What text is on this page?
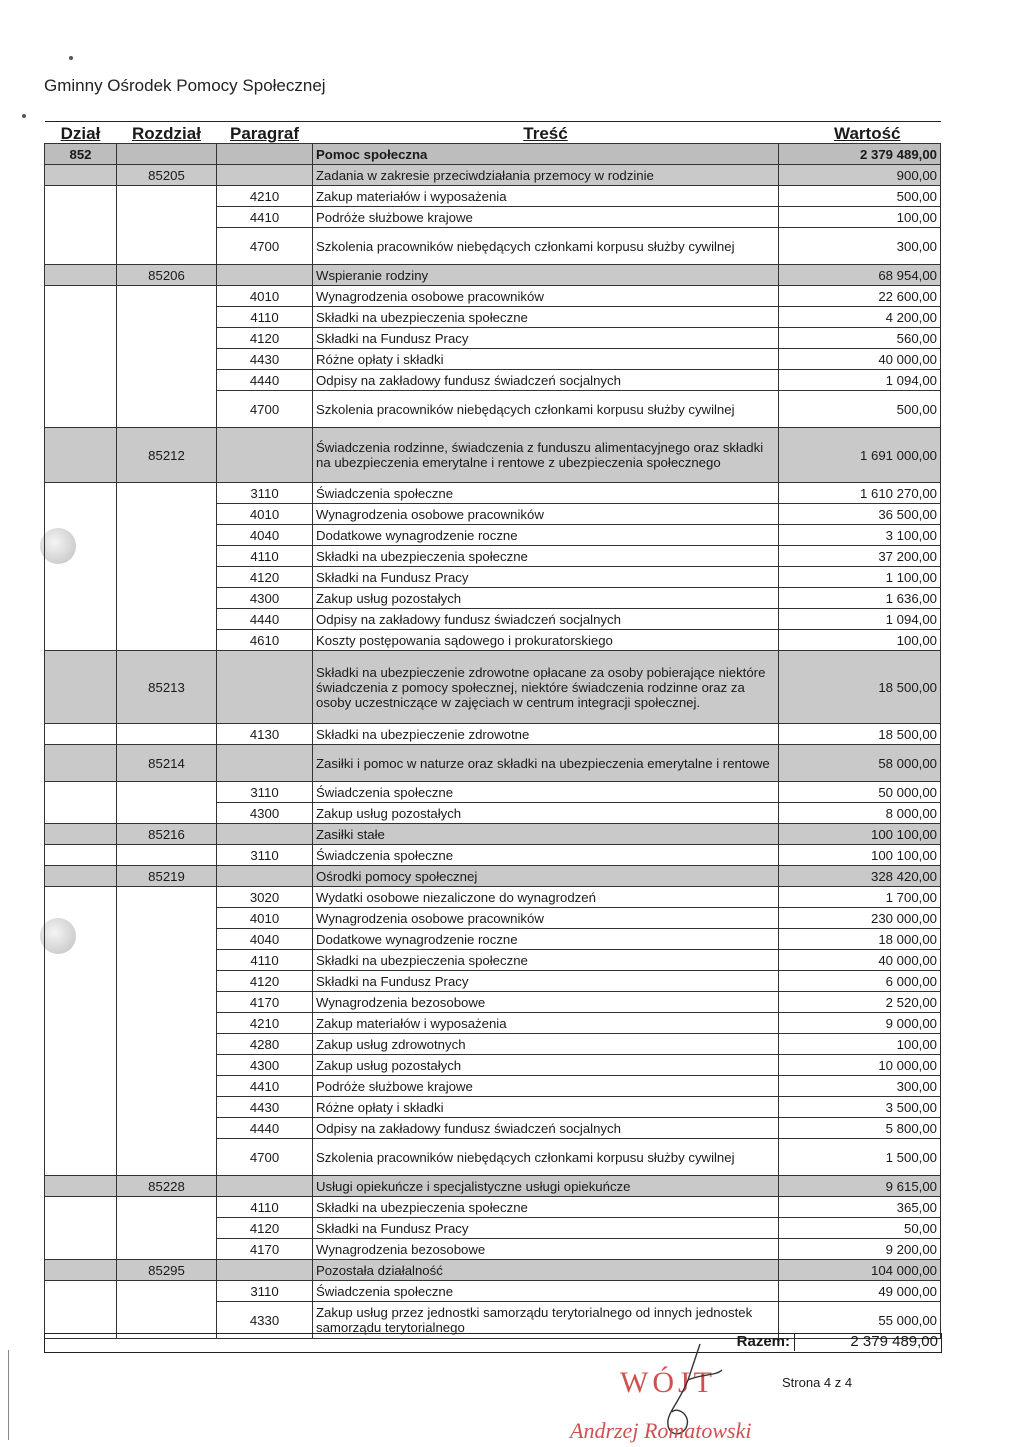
Gminny Ośrodek Pomocy Społecznej
Dział	Rozdział	Paragraf	Treść	Wartość
852			Pomoc społeczna	2 379 489,00
	85205		Zadania w zakresie przeciwdziałania przemocy w rodzinie	900,00
		4210	Zakup materiałów i wyposażenia	500,00
		4410	Podróże służbowe krajowe	100,00
		4700	Szkolenia pracowników niebędących członkami korpusu służby cywilnej	300,00
	85206		Wspieranie rodziny	68 954,00
		4010	Wynagrodzenia osobowe pracowników	22 600,00
		4110	Składki na ubezpieczenia społeczne	4 200,00
		4120	Składki na Fundusz Pracy	560,00
		4430	Różne opłaty i składki	40 000,00
		4440	Odpisy na zakładowy fundusz świadczeń socjalnych	1 094,00
		4700	Szkolenia pracowników niebędących członkami korpusu służby cywilnej	500,00
	85212		Świadczenia rodzinne, świadczenia z funduszu alimentacyjnego oraz składki na ubezpieczenia emerytalne i rentowe z ubezpieczenia społecznego	1 691 000,00
		3110	Świadczenia społeczne	1 610 270,00
		4010	Wynagrodzenia osobowe pracowników	36 500,00
		4040	Dodatkowe wynagrodzenie roczne	3 100,00
		4110	Składki na ubezpieczenia społeczne	37 200,00
		4120	Składki na Fundusz Pracy	1 100,00
		4300	Zakup usług pozostałych	1 636,00
		4440	Odpisy na zakładowy fundusz świadczeń socjalnych	1 094,00
		4610	Koszty postępowania sądowego i prokuratorskiego	100,00
	85213		Składki na ubezpieczenie zdrowotne opłacane za osoby pobierające niektóre świadczenia z pomocy społecznej, niektóre świadczenia rodzinne oraz za osoby uczestniczące w zajęciach w centrum integracji społecznej.	18 500,00
		4130	Składki na ubezpieczenie zdrowotne	18 500,00
	85214		Zasiłki i pomoc w naturze oraz składki na ubezpieczenia emerytalne i rentowe	58 000,00
		3110	Świadczenia społeczne	50 000,00
		4300	Zakup usług pozostałych	8 000,00
	85216		Zasiłki stałe	100 100,00
		3110	Świadczenia społeczne	100 100,00
	85219		Ośrodki pomocy społecznej	328 420,00
		3020	Wydatki osobowe niezaliczone do wynagrodzeń	1 700,00
		4010	Wynagrodzenia osobowe pracowników	230 000,00
		4040	Dodatkowe wynagrodzenie roczne	18 000,00
		4110	Składki na ubezpieczenia społeczne	40 000,00
		4120	Składki na Fundusz Pracy	6 000,00
		4170	Wynagrodzenia bezosobowe	2 520,00
		4210	Zakup materiałów i wyposażenia	9 000,00
		4280	Zakup usług zdrowotnych	100,00
		4300	Zakup usług pozostałych	10 000,00
		4410	Podróże służbowe krajowe	300,00
		4430	Różne opłaty i składki	3 500,00
		4440	Odpisy na zakładowy fundusz świadczeń socjalnych	5 800,00
		4700	Szkolenia pracowników niebędących członkami korpusu służby cywilnej	1 500,00
	85228		Usługi opiekuńcze i specjalistyczne usługi opiekuńcze	9 615,00
		4110	Składki na ubezpieczenia społeczne	365,00
		4120	Składki na Fundusz Pracy	50,00
		4170	Wynagrodzenia bezosobowe	9 200,00
	85295		Pozostała działalność	104 000,00
		3110	Świadczenia społeczne	49 000,00
		4330	Zakup usług przez jednostki samorządu terytorialnego od innych jednostek samorządu terytorialnego	55 000,00
Razem:	2 379 489,00
WÓJT
Andrzej Romatowski
Strona 4 z 4
